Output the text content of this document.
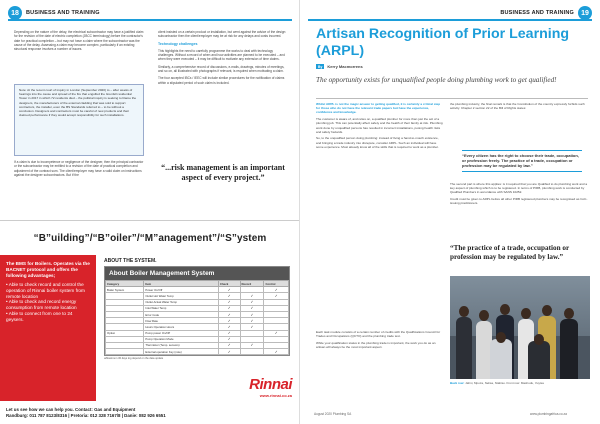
18	BUSINESS AND TRAINING

Depending on the nature of the delay, the electrical subcontractor may have a justified claim for the revision of the date of electric completion (JBCC terminology) before the contractor's date for practical completion – but may not have a claim where the subcontractor was the cause of the delay. Assessing a claim may become complex, particularly if an existing structural response involves a number of issues.

Note: At the recent court of inquiry in London (September 2020) to – after weeks of hearings into the cause and spread of the fire that engulfed the Grenfell residential Tower in 2017 in which 72 residents died – the political inquiry is seeking to blame the designers, the manufacturers of the external cladding that was sold to support contractors, the installer, even the BS Standards referred to – to be without a conclusion. Designers and contractors must be careful of new products and their claimed performance if they would accept responsibility for such installations.

If a claim is due to incompetence or negligence of the designer, then the principal contractor or the subcontractor may be entitled to a revision of the date of practical completion and adjustment of the contract sum. The client/employer may have a valid claim on instructions against the designer subcontractors. But if the

client insisted on a certain product or installation, but went against the advice of the design subcontractor then the client/employer may be at risk for any delays and costs incurred.

Technology challenges

This highlights the need to carefully programme the works to deal with technology challenges. Without a record of when and how activities are planned to be executed – and when they were executed – it may be difficult to motivate any extension of time claims.

Similarly, a comprehensive record of discussions, e-mails, drawings, minutes of meetings, and so on, all illustrated with photographs if relevant, is required when motivating a claim.

The four accepted IBCs / IEEC will include similar procedures for the notification of claims within a stipulated period of such claim is included.

“...risk management is an important aspect of every project.”
“B”uilding”/“B”oiler”/“M”anagement”/“S”ystem
The BMS for Boilers. Operates via the BACNET protocol and offers the following advantages;
• Able to check record and control the operation of Rinnai boiler system from remote location
• Able to check and record energy consumption from remote location
• Able to connect from one to 24 geysers.
ABOUT THE SYSTEM.
About Boiler Management System
Category	Item	Check	Record	Control
Boiler System	Power On/Off	✓		✓
	Outlet Hot Water Temp	✓	✓	✓
	Outlet Actual Water Temp	✓	✓	
	Inlet Water Temp	✓	✓	
	Error Code	✓	✓	
	Flow Rate	✓	✓	
	Hours Operation Hours	✓	✓	
Option	Pump power On/Off	✓		✓
	Pump Operation Mode	✓		
	Thermistor (Temp. sensors)	✓	✓	
	External operation Key (note)	✓		✓
※Maximum 30 days log depend on the data update
Rinnai
www.rinnai.co.za
Let us see how we can help you. Contact: Gas and Equipment
Randburg: 011 787 8123/8316 | Pretoria: 012 328 7167/8 | Danie: 082 926 6551
BUSINESS AND TRAINING	19
Artisan Recognition of Prior Learning (ARPL)
By	Kerry Macmorrens
The opportunity exists for unqualified people doing plumbing work to get qualified!

Whilst ARPL is not the magic answer to getting qualified, it is certainly a critical step for those who do not have the relevant trade papers but have the experience, confidence and knowledge.

The customer is aware of, and relies on, a qualified plumber for more than just the act of a plumbing job. This can potentially affect safety and the health of their family at risk. Plumbing work done by unqualified persons has resulted in incorrect installations, posing health risks and safety hazards.

So, to the unqualified person doing plumbing: instead of living a hand-to-mouth existence, and bringing a trade industry into disrepute, consider ARPL. Such an individual will have some experience. Most already know all of the skills that is required to work as a plumber.

Each task module consists of a certain number of credits with the Qualifications Council for Trades and Occupations (QCTO) and the plumbing trade test.

While your qualification status in the plumbing trade is important, the work you do as an artisan will always be the most important aspect.

the plumbing industry, the final remark is that the Constitution of the country expressly forbids such activity. Chapter 2 section 22 of the Bill of Rights states:

“Every citizen has the right to choose their trade, occupation, or profession freely. The practice of a trade, occupation or profession may be regulated by law.”

The second part is where this applies: is it required that you are Qualified to do plumbing work and a key aspect of plumbing which is to be registered. In terms of PIRB, plumbing work is conducted by Qualified Plumbers in accordance with SANS 10252.

Credit must be given to ARPL before all other PIRB registered plumbers may be recognised as CoC-issuing practitioners.

“The practice of a trade, occupation or profession may be regulated by law.”
Back row: Jahni, Mpoza, Nelisa, Ntabiso. Front row: Mashudu, Vuyisa
August 2020 Plumbing SA	www.plumbingafrica.co.za
